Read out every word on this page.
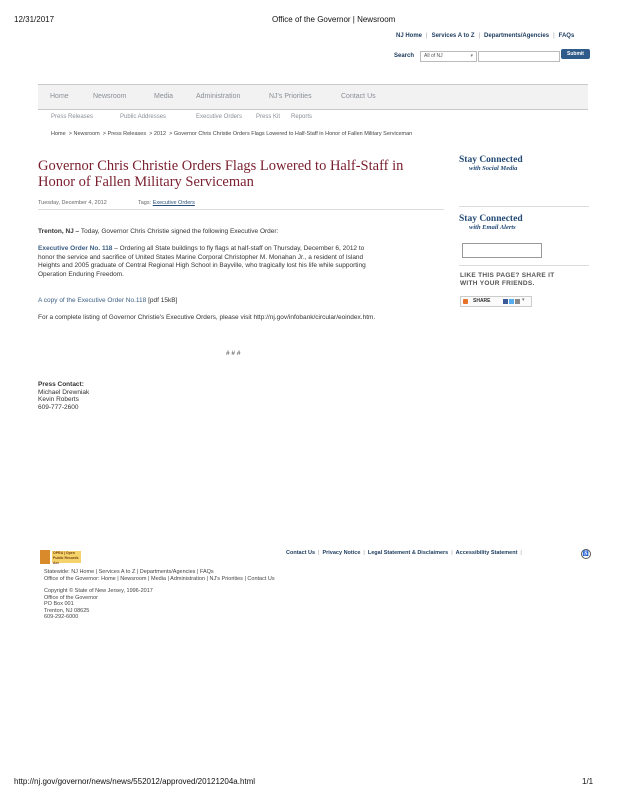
12/31/2017	Office of the Governor | Newsroom
NJ Home | Services A to Z | Departments/Agencies | FAQs
Search All of NJ	▾	Submit
Home	Newsroom	Media	Administration	NJ's Priorities	Contact Us
Press Releases	Public Addresses	Executive Orders Press Kit Reports
Home  > Newsroom  > Press Releases  > 2012  > Governor Chris Christie Orders Flags Lowered to Half-Staff in Honor of Fallen Military Serviceman
Governor Chris Christie Orders Flags Lowered to Half-Staff in
Honor of Fallen Military Serviceman
Tuesday, December 4, 2012	Tags: Executive Orders
Trenton, NJ – Today, Governor Chris Christie signed the following Executive Order:
Executive Order No. 118 – Ordering all State buildings to fly flags at half-staff on Thursday, December 6, 2012 to
honor the service and sacrifice of United States Marine Corporal Christopher M. Monahan Jr., a resident of Island
Heights and 2005 graduate of Central Regional High School in Bayville, who tragically lost his life while supporting
Operation Enduring Freedom.
A copy of the Executive Order No.118 [pdf 15kB]
For a complete listing of Governor Christie's Executive Orders, please visit http://nj.gov/infobank/circular/eoindex.htm.
# # #
Press Contact:
Michael Drewniak
Kevin Roberts
609-777-2600
Stay Connected
with Social Media
Stay Connected
with Email Alerts
LIKE THIS PAGE? SHARE IT
WITH YOUR FRIENDS.
SHARE	▾
OPRA | Open
Public Records Act
Contact Us | Privacy Notice | Legal Statement & Disclaimers | Accessibility Statement |	♿
Statewide: NJ Home | Services A to Z | Departments/Agencies | FAQs
Office of the Governor: Home | Newsroom | Media | Administration | NJ's Priorities | Contact Us
Copyright © State of New Jersey, 1996-2017
Office of the Governor
PO Box 001
Trenton, NJ 08625
609-292-6000
http://nj.gov/governor/news/news/552012/approved/20121204a.html	1/1
